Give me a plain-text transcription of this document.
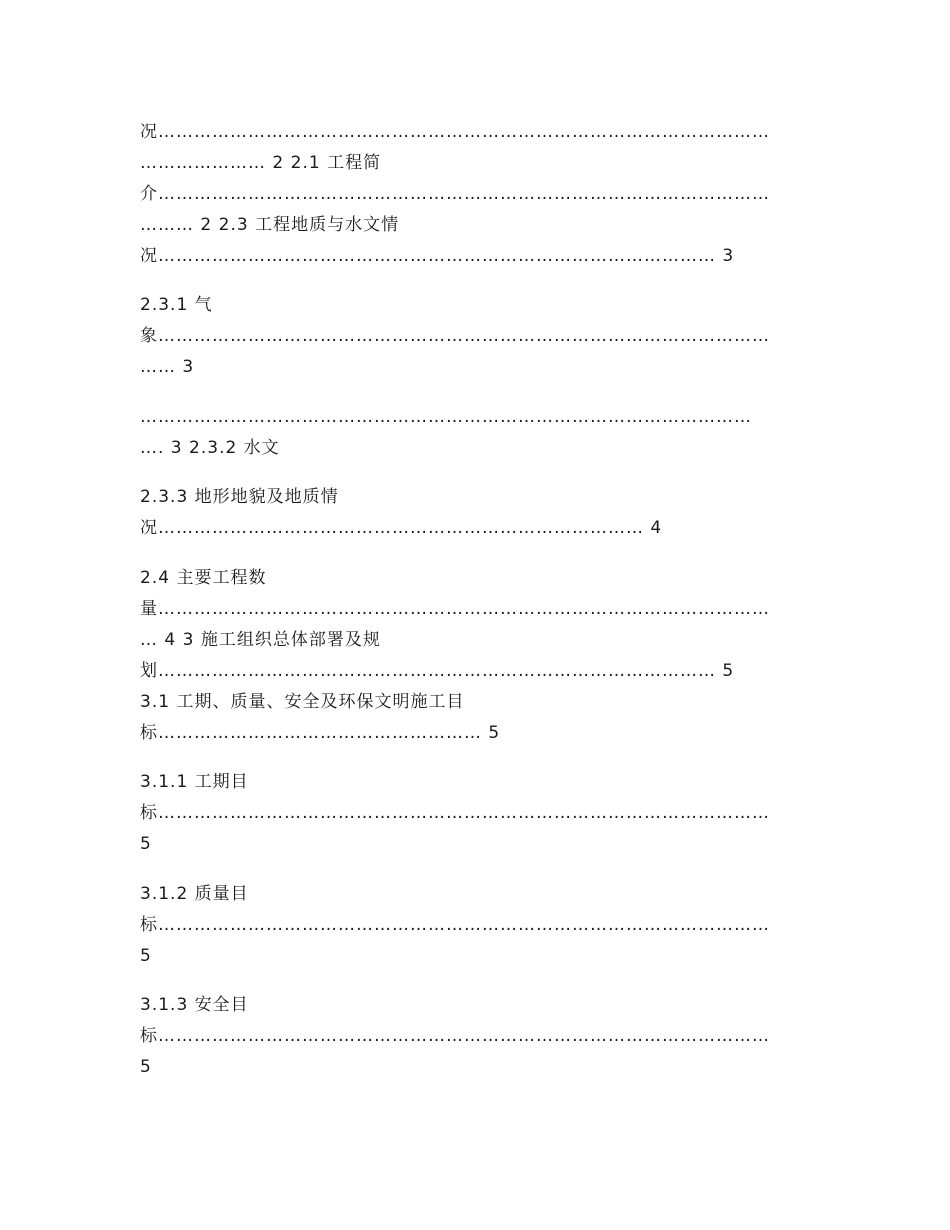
况…………………………………………………………………………………………
………………… 2 2.1 工程简
介…………………………………………………………………………………………
……… 2 2.3 工程地质与水文情
况………………………………………………………………………………… 3
2.3.1 气
象…………………………………………………………………………………………
…… 3
…………………………………………………………………………………………
…. 3 2.3.2 水文
2.3.3 地形地貌及地质情
况……………………………………………………………………… 4
2.4 主要工程数
量…………………………………………………………………………………………
… 4 3 施工组织总体部署及规
划………………………………………………………………………………… 5
3.1 工期、质量、安全及环保文明施工目
标……………………………………………… 5
3.1.1 工期目
标…………………………………………………………………………………………
5
3.1.2 质量目
标…………………………………………………………………………………………
5
3.1.3 安全目
标…………………………………………………………………………………………
5
